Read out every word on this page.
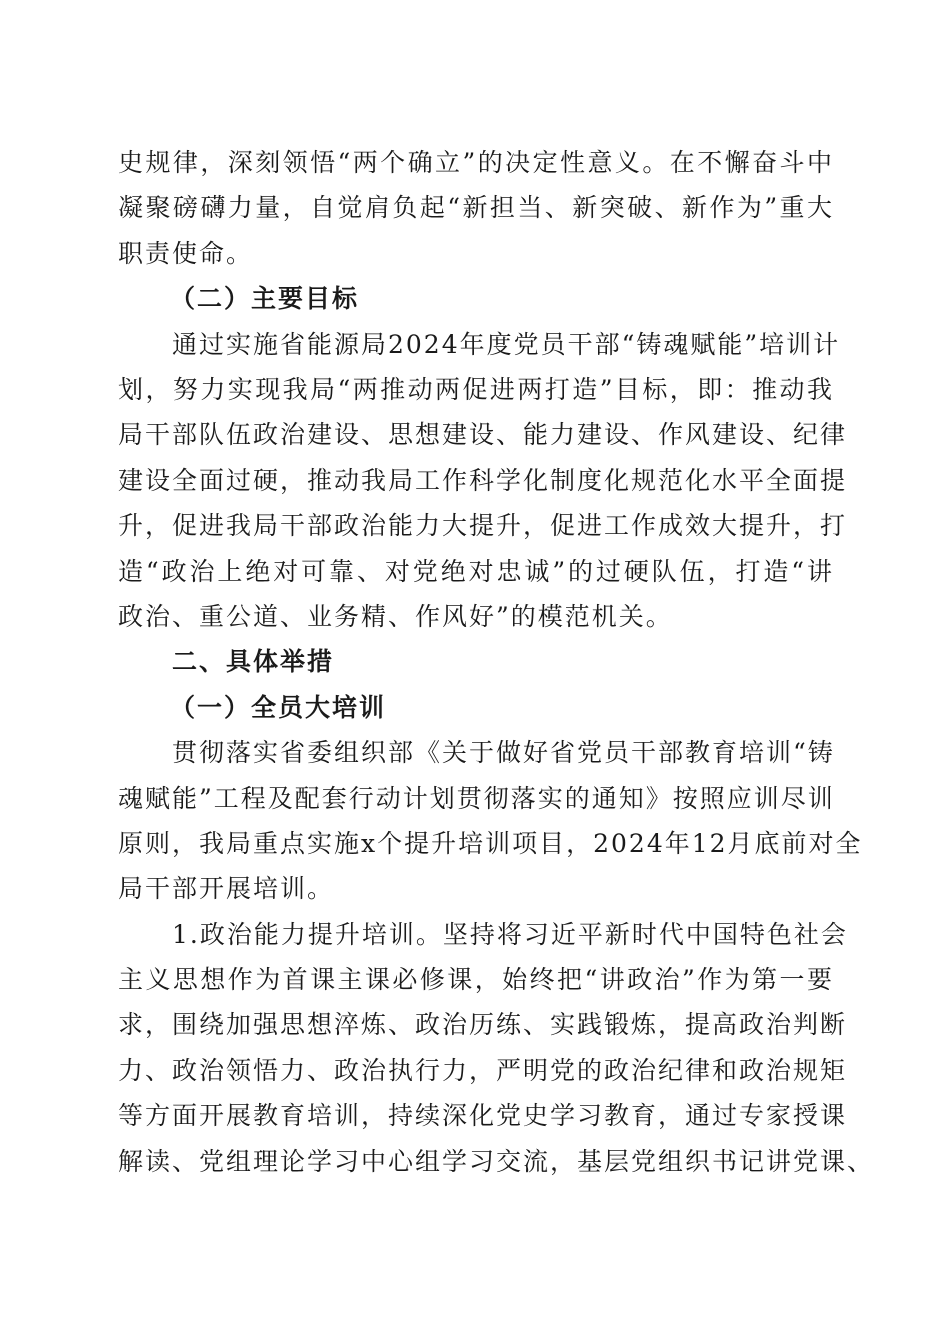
史规律，深刻领悟“两个确立”的决定性意义。在不懈奋斗中
凝聚磅礴力量，自觉肩负起“新担当、新突破、新作为”重大
职责使命。
（二）主要目标
通过实施省能源局2024年度党员干部“铸魂赋能”培训计
划，努力实现我局“两推动两促进两打造”目标，即：推动我
局干部队伍政治建设、思想建设、能力建设、作风建设、纪律
建设全面过硬，推动我局工作科学化制度化规范化水平全面提
升，促进我局干部政治能力大提升，促进工作成效大提升，打
造“政治上绝对可靠、对党绝对忠诚”的过硬队伍，打造“讲
政治、重公道、业务精、作风好”的模范机关。
二、具体举措
（一）全员大培训
贯彻落实省委组织部《关于做好省党员干部教育培训“铸
魂赋能”工程及配套行动计划贯彻落实的通知》按照应训尽训
原则，我局重点实施x个提升培训项目，2024年12月底前对全
局干部开展培训。
1.政治能力提升培训。坚持将习近平新时代中国特色社会
主义思想作为首课主课必修课，始终把“讲政治”作为第一要
求，围绕加强思想淬炼、政治历练、实践锻炼，提高政治判断
力、政治领悟力、政治执行力，严明党的政治纪律和政治规矩
等方面开展教育培训，持续深化党史学习教育，通过专家授课
解读、党组理论学习中心组学习交流，基层党组织书记讲党课、
